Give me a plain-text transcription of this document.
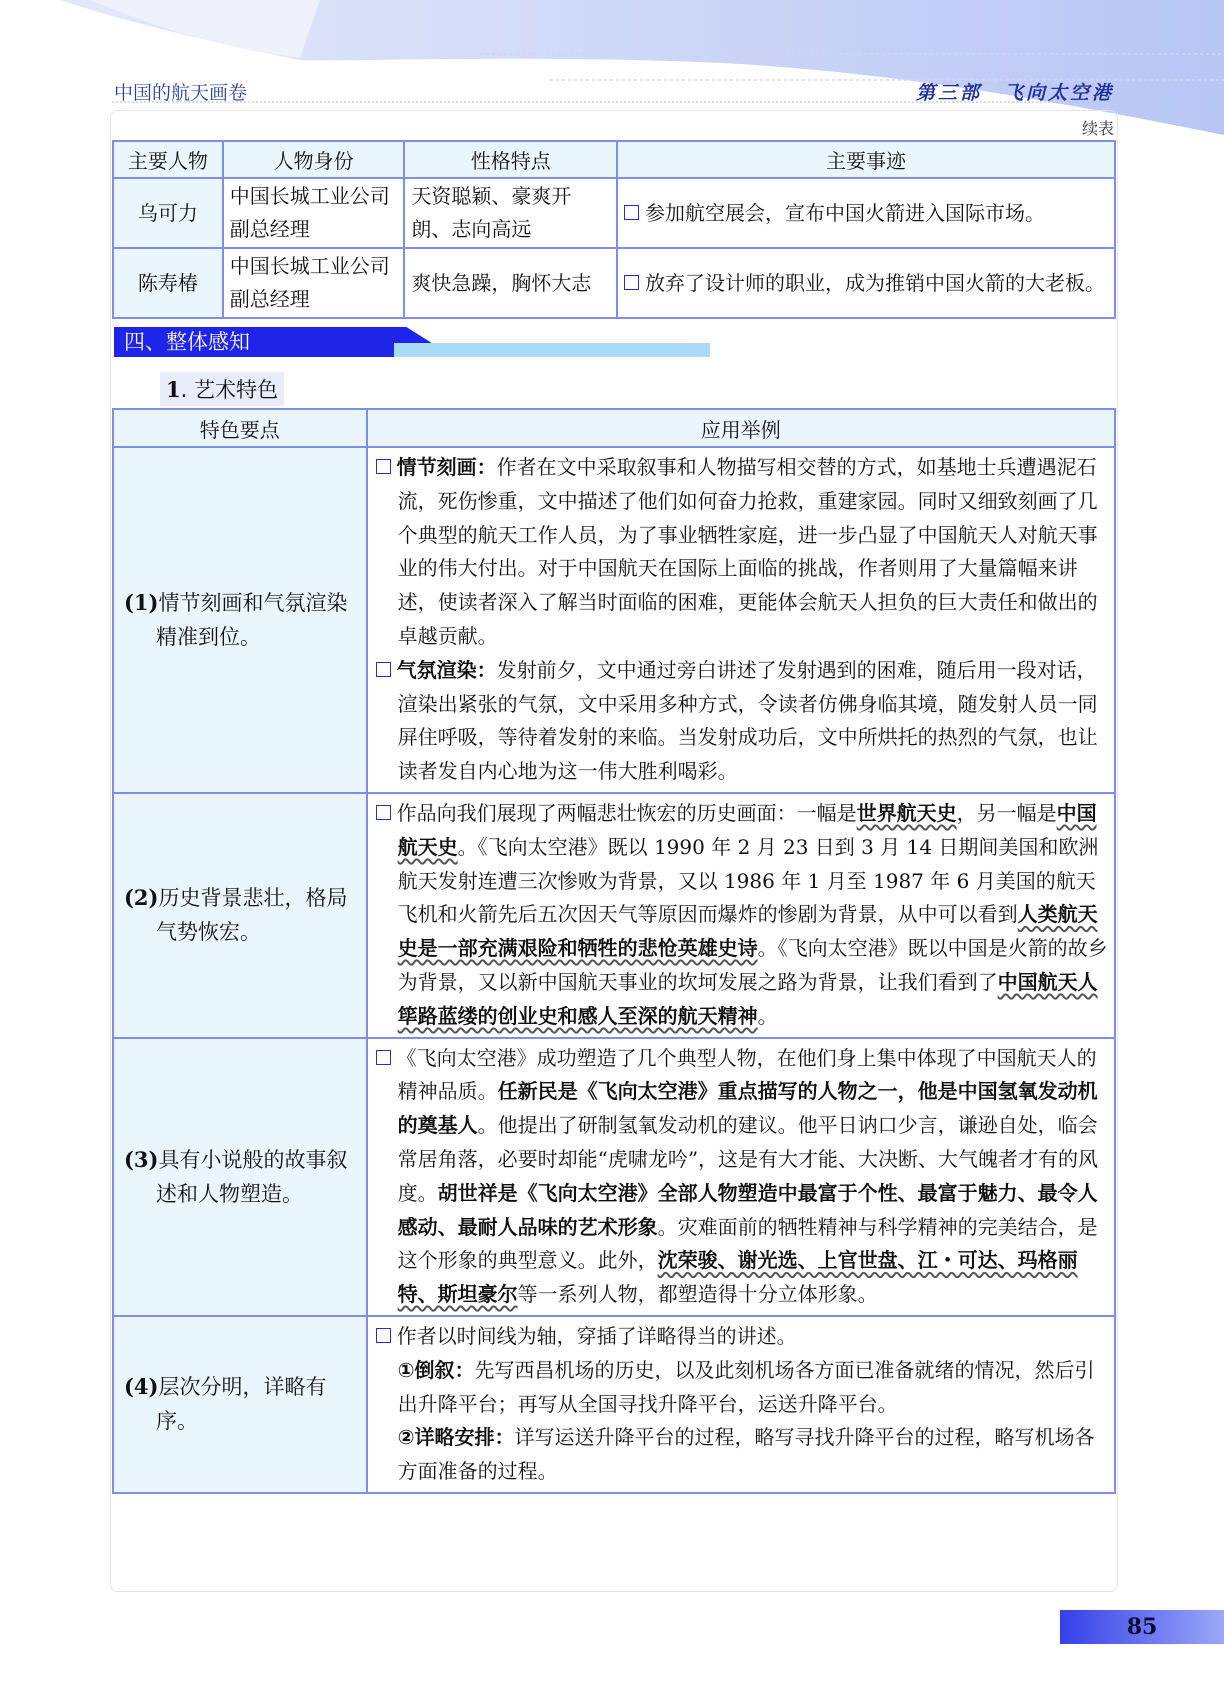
中国的航天画卷	第三部　飞向太空港
续表
主要人物	人物身份	性格特点	主要事迹
乌可力	中国长城工业公司副总经理	天资聪颖、豪爽开朗、志向高远	参加航空展会，宣布中国火箭进入国际市场。
陈寿椿	中国长城工业公司副总经理	爽快急躁，胸怀大志	放弃了设计师的职业，成为推销中国火箭的大老板。
四、整体感知
1. 艺术特色
特色要点	应用举例

(1)情节刻画和气氛渲染精准到位。	情节刻画：作者在文中采取叙事和人物描写相交替的方式，如基地士兵遭遇泥石流，死伤惨重，文中描述了他们如何奋力抢救，重建家园。同时又细致刻画了几个典型的航天工作人员，为了事业牺牲家庭，进一步凸显了中国航天人对航天事业的伟大付出。对于中国航天在国际上面临的挑战，作者则用了大量篇幅来讲述，使读者深入了解当时面临的困难，更能体会航天人担负的巨大责任和做出的卓越贡献。

气氛渲染：发射前夕，文中通过旁白讲述了发射遇到的困难，随后用一段对话，渲染出紧张的气氛，文中采用多种方式，令读者仿佛身临其境，随发射人员一同屏住呼吸，等待着发射的来临。当发射成功后，文中所烘托的热烈的气氛，也让读者发自内心地为这一伟大胜利喝彩。

(2)历史背景悲壮，格局气势恢宏。	作品向我们展现了两幅悲壮恢宏的历史画面：一幅是世界航天史，另一幅是中国航天史。《飞向太空港》既以 1990 年 2 月 23 日到 3 月 14 日期间美国和欧洲航天发射连遭三次惨败为背景，又以 1986 年 1 月至 1987 年 6 月美国的航天飞机和火箭先后五次因天气等原因而爆炸的惨剧为背景，从中可以看到人类航天史是一部充满艰险和牺牲的悲怆英雄史诗。《飞向太空港》既以中国是火箭的故乡为背景，又以新中国航天事业的坎坷发展之路为背景，让我们看到了中国航天人筚路蓝缕的创业史和感人至深的航天精神。

(3)具有小说般的故事叙述和人物塑造。	《飞向太空港》成功塑造了几个典型人物，在他们身上集中体现了中国航天人的精神品质。任新民是《飞向太空港》重点描写的人物之一，他是中国氢氧发动机的奠基人。他提出了研制氢氧发动机的建议。他平日讷口少言，谦逊自处，临会常居角落，必要时却能“虎啸龙吟”，这是有大才能、大决断、大气魄者才有的风度。胡世祥是《飞向太空港》全部人物塑造中最富于个性、最富于魅力、最令人感动、最耐人品味的艺术形象。灾难面前的牺牲精神与科学精神的完美结合，是这个形象的典型意义。此外，沈荣骏、谢光选、上官世盘、江・可达、玛格丽特、斯坦豪尔等一系列人物，都塑造得十分立体形象。

(4)层次分明，详略有序。	作者以时间线为轴，穿插了详略得当的讲述。

①倒叙：先写西昌机场的历史，以及此刻机场各方面已准备就绪的情况，然后引出升降平台；再写从全国寻找升降平台，运送升降平台。

②详略安排：详写运送升降平台的过程，略写寻找升降平台的过程，略写机场各方面准备的过程。

85
